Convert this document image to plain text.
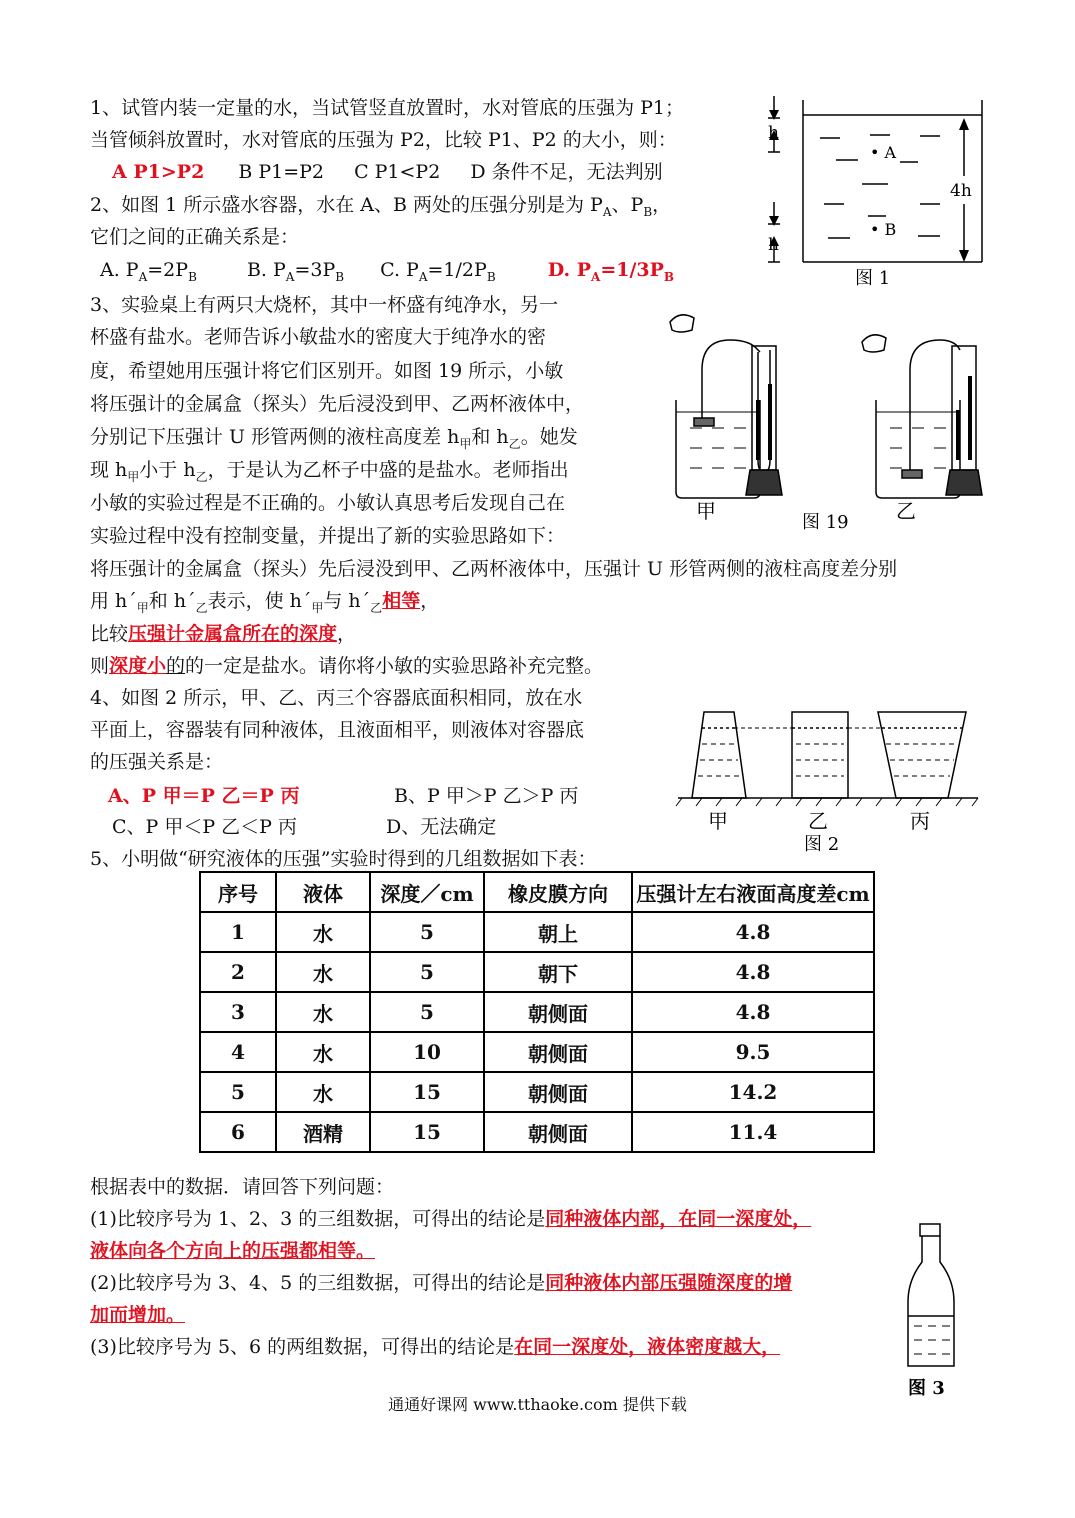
1、试管内装一定量的水，当试管竖直放置时，水对管底的压强为 P1；
当管倾斜放置时，水对管底的压强为 P2，比较 P1、P2 的大小，则：
A P1>P2 B P1=P2 C P1<P2 D 条件不足，无法判别
2、如图 1 所示盛水容器，水在 A、B 两处的压强分别是为 $P_A$、$P_B$，
它们之间的正确关系是：
A. $P_A=2P_B$	B. $P_A=3P_B$ C. $P_A=1/2P_B$	D. $P_A=1/3P_B$
h
h
4h
• A
• B
图 1
3、实验桌上有两只大烧杯，其中一杯盛有纯净水，另一
杯盛有盐水。老师告诉小敏盐水的密度大于纯净水的密
度，希望她用压强计将它们区别开。如图 19 所示，小敏
将压强计的金属盒（探头）先后浸没到甲、乙两杯液体中，
分别记下压强计 U 形管两侧的液柱高度差 $h_甲$和 $h_乙$。她发
现 $h_甲$小于 $h_乙$，于是认为乙杯子中盛的是盐水。老师指出
小敏的实验过程是不正确的。小敏认真思考后发现自己在
实验过程中没有控制变量，并提出了新的实验思路如下：
将压强计的金属盒（探头）先后浸没到甲、乙两杯液体中，压强计 U 形管两侧的液柱高度差分别
用 $h´_甲$和 $h´_乙$表示，使 $h´_甲$与 $h´_乙$相等，
比较压强计金属盒所在的深度，
则深度小的的一定是盐水。请你将小敏的实验思路补充完整。
甲	图 19 乙
4、如图 2 所示，甲、乙、丙三个容器底面积相同，放在水
平面上，容器装有同种液体，且液面相平，则液体对容器底
的压强关系是：
A、P 甲＝P 乙＝P 丙	B、P 甲＞P 乙＞P 丙
C、P 甲＜P 乙＜P 丙	D、无法确定	甲	乙	丙
图 2
5、小明做“研究液体的压强”实验时得到的几组数据如下表：
序号	液体	深度／cm	橡皮膜方向	压强计左右液面高度差cm
1	水	5	朝上	4.8
2	水	5	朝下	4.8
3	水	5	朝侧面	4.8
4	水	10	朝侧面	9.5
5	水	15	朝侧面	14.2
6	酒精	15	朝侧面	11.4
根据表中的数据．请回答下列问题：
(1)比较序号为 1、2、3 的三组数据，可得出的结论是同种液体内部，在同一深度处，
液体向各个方向上的压强都相等。
(2)比较序号为 3、4、5 的三组数据，可得出的结论是同种液体内部压强随深度的增
加而增加。
(3)比较序号为 5、6 的两组数据，可得出的结论是在同一深度处，液体密度越大，
图 3
通通好课网 www.tthaoke.com 提供下载
